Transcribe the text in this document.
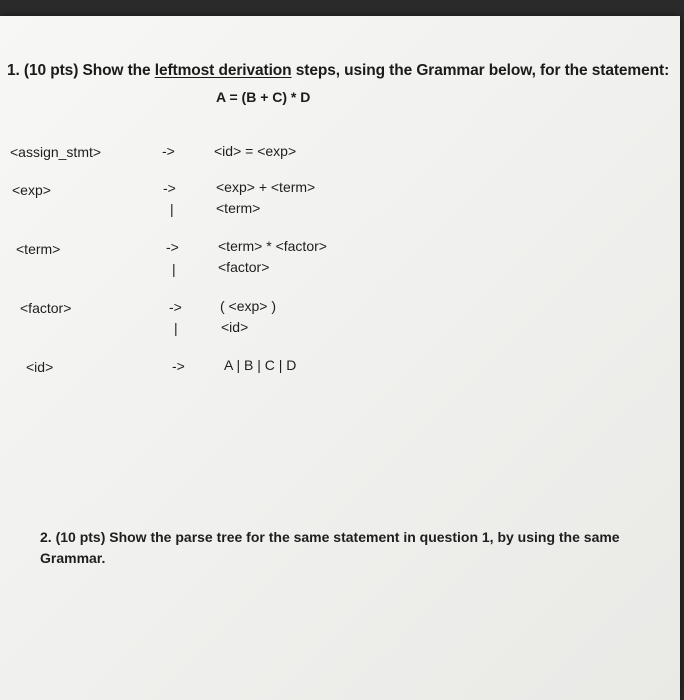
1. (10 pts) Show the leftmost derivation steps, using the Grammar below, for the statement:
A = (B + C) * D
<assign_stmt>	->	<id> = <exp>
<exp>	->	<exp> + <term>
|	<term>
<term>	->	<term> * <factor>
|	<factor>
<factor>	->	( <exp> )
|	<id>
<id>	->	A | B | C | D
2. (10 pts) Show the parse tree for the same statement in question 1, by using the same Grammar.
